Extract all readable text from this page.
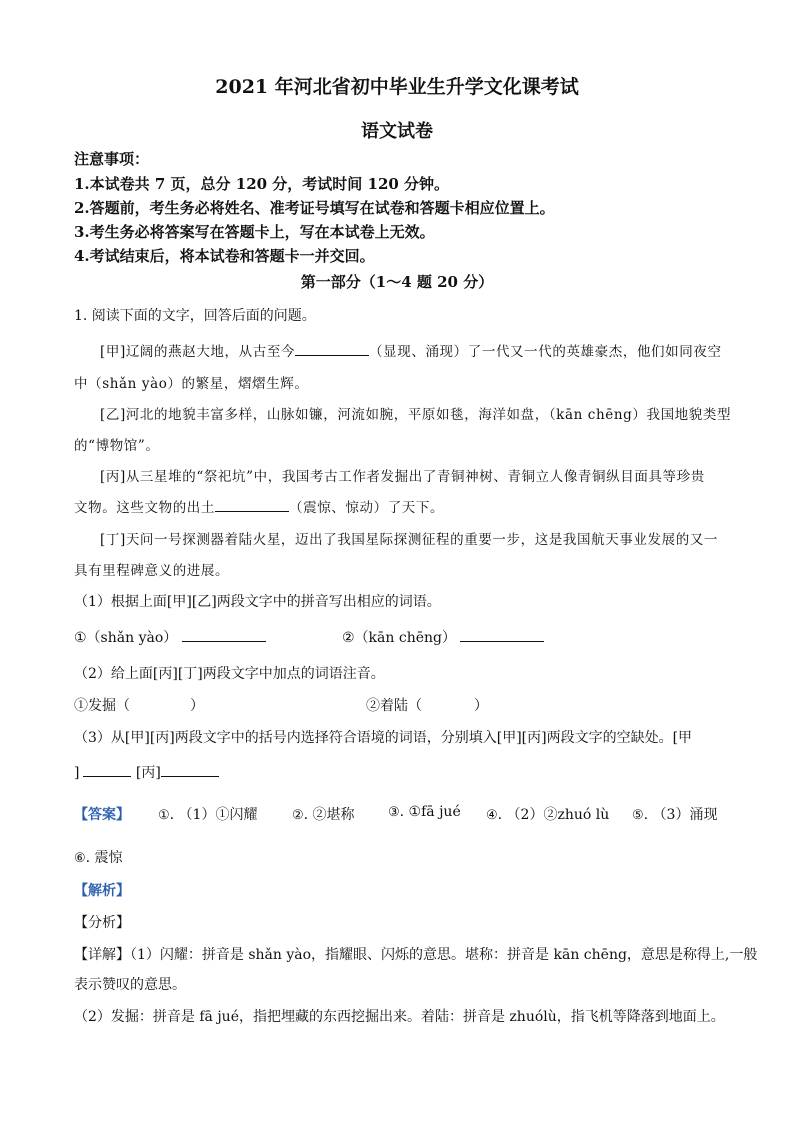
2021 年河北省初中毕业生升学文化课考试
语文试卷
注意事项：
1.本试卷共 7 页，总分 120 分，考试时间 120 分钟。
2.答题前，考生务必将姓名、准考证号填写在试卷和答题卡相应位置上。
3.考生务必将答案写在答题卡上，写在本试卷上无效。
4.考试结束后，将本试卷和答题卡一并交回。
第一部分（1～4 题 20 分）
1. 阅读下面的文字，回答后面的问题。
[甲]辽阔的燕赵大地，从古至今	（显现、涌现）了一代又一代的英雄豪杰，他们如同夜空
中（shǎn yào）的繁星，熠熠生辉。
[乙]河北的地貌丰富多样，山脉如镰，河流如腕，平原如毯，海洋如盘，（kān chēng）我国地貌类型
的“博物馆”。
[丙]从三星堆的“祭祀坑”中，我国考古工作者发掘出了青铜神树、青铜立人像青铜纵目面具等珍贵
文物。这些文物的出土	（震惊、惊动）了天下。
[丁]天问一号探测器着陆火星，迈出了我国星际探测征程的重要一步，这是我国航天事业发展的又一
具有里程碑意义的进展。
（1）根据上面[甲][乙]两段文字中的拼音写出相应的词语。
①（shǎn yào）	②（kān chēng）
（2）给上面[丙][丁]两段文字中加点的词语注音。
①发掘（	）	②着陆（	）
（3）从[甲][丙]两段文字中的括号内选择符合语境的词语，分别填入[甲][丙]两段文字的空缺处。[甲
]	[丙]
【答案】 ①. （1）①闪耀	②. ②堪称	③. ①fā jué ④. （2）②zhuó lù ⑤. （3）涌现
⑥. 震惊
【解析】
【分析】
【详解】（1）闪耀：拼音是 shǎn yào，指耀眼、闪烁的意思。堪称：拼音是 kān chēng，意思是称得上,一般
表示赞叹的意思。
（2）发掘：拼音是 fā jué，指把埋藏的东西挖掘出来。着陆：拼音是 zhuólù，指飞机等降落到地面上。
